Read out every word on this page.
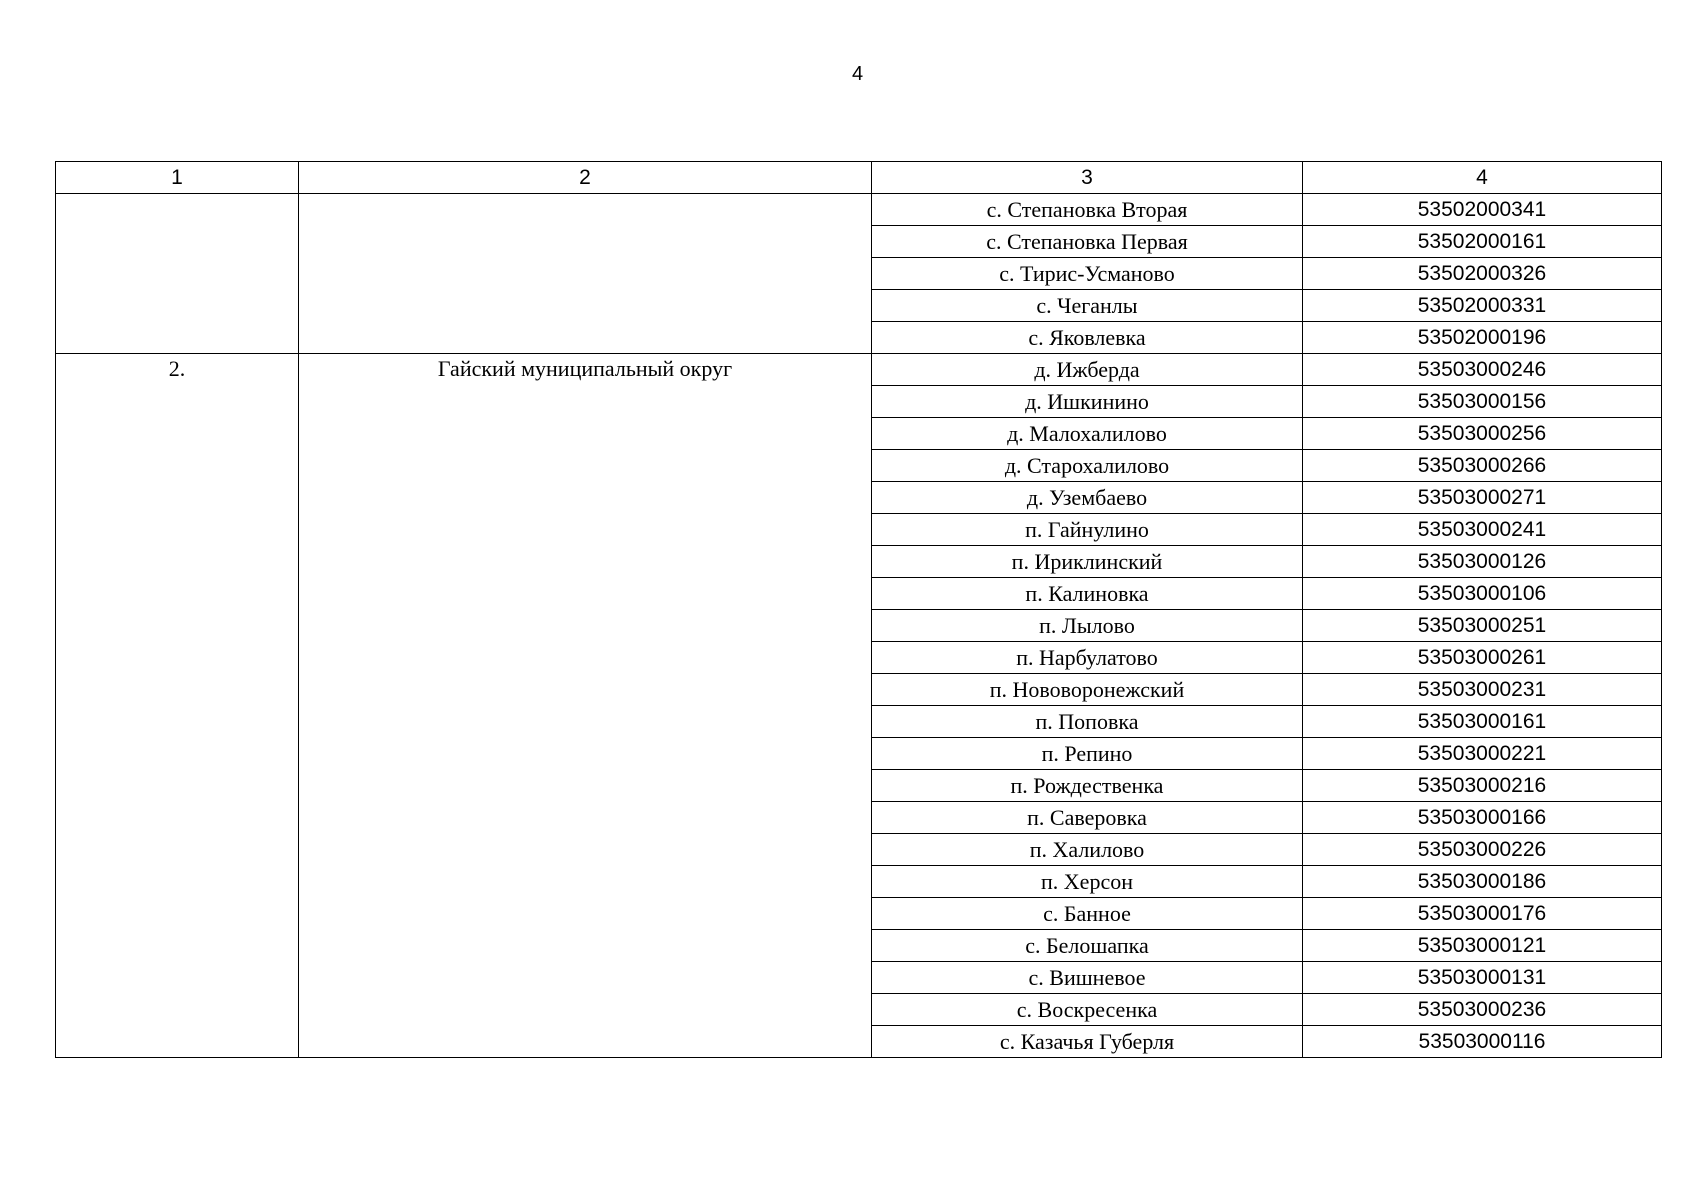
4
1	2	3	4
		с. Степановка Вторая	53502000341
		с. Степановка Первая	53502000161
		с. Тирис-Усманово	53502000326
		с. Чеганлы	53502000331
		с. Яковлевка	53502000196

2.	Гайский муниципальный округ	д. Ижберда	53503000246
		д. Ишкинино	53503000156
		д. Малохалилово	53503000256
		д. Старохалилово	53503000266
		д. Узембаево	53503000271
		п. Гайнулино	53503000241
		п. Ириклинский	53503000126
		п. Калиновка	53503000106
		п. Лылово	53503000251
		п. Нарбулатово	53503000261
		п. Нововоронежский	53503000231
		п. Поповка	53503000161
		п. Репино	53503000221
		п. Рождественка	53503000216
		п. Саверовка	53503000166
		п. Халилово	53503000226
		п. Херсон	53503000186
		с. Банное	53503000176
		с. Белошапка	53503000121
		с. Вишневое	53503000131
		с. Воскресенка	53503000236
		с. Казачья Губерля	53503000116
